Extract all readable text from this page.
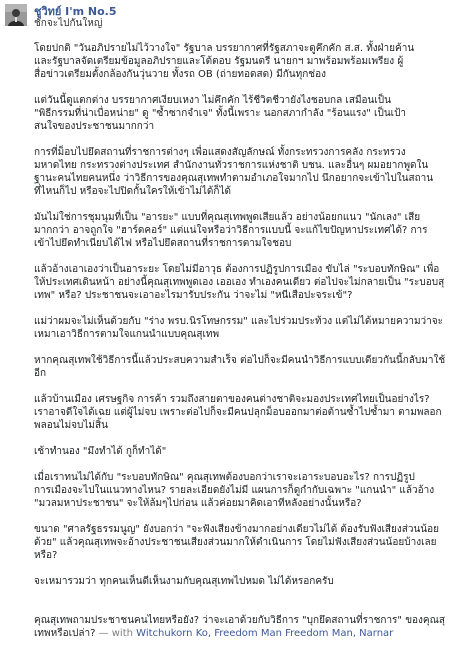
ชูวิทย์ I'm No.5
ชักจะไปกันใหญ่

โดยปกติ "วันอภิปรายไม่ไว้วางใจ" รัฐบาล บรรยากาศที่รัฐสภาจะดูคึกคัก ส.ส. ทั้งฝ่ายค้าน
และรัฐบาลจัดเตรียมข้อมูลอภิปรายและโต้ตอบ รัฐมนตรี นายกฯ มาพร้อมพร้อมเพรียง ผู้
สื่อข่าวเตรียมตั้งกล้องกันวุ่นวาย ทั้งรถ OB (ถ่ายทอดสด) มีกันทุกช่อง

แต่วันนี้ดูแตกต่าง บรรยากาศเงียบเหงา ไม่คึกคัก ไร้ชีวิตชีวายังไงชอบกล เสมือนเป็น
"พิธีกรรมที่น่าเบื่อหน่าย" ดู "ซ้ำซากจำเจ" ทั้งนี้เพราะ นอกสภากำลัง "ร้อนแรง" เป็นเป้า
สนใจของประชาชนมากกว่า

การที่ม็อบไปยึดสถานที่ราชการต่างๆ เพื่อแสดงสัญลักษณ์ ทั้งกระทรวงการคลัง กระทรวง
มหาดไทย กระทรวงต่างประเทศ สำนักงานทั่วราชการแห่งชาติ บชน. และอื่นๆ ผมอยากพูดในฐานะคนไทยคนหนึ่ง ว่าวิธีการของคุณสุเทพทำตามอำเภอใจมากไป นึกอยากจะเข้าไปในสถานที่ไหนก็ไป หรือจะไปปิดกั้นใครให้เข้าไม่ได้ก็ได้

มันไม่ใช่การชุมนุมที่เป็น "อารยะ" แบบที่คุณสุเทพพูดเสียแล้ว อย่างน้อยกแนว "นักเลง" เสียมากกว่า อาจถูกใจ "ฮาร์ดคอร์" แต่แน่ใจหรือว่าวิธีการแบบนี้ จะแก้ไขปัญหาประเทศได้? การเข้าไปยึดทำเนียบได้ไฟ หรือไปยึดสถานที่ราชการตามใจชอบ

แล้วอ้างเอาเองว่าเป็นอาระยะ โดยไม่มีอาวุธ ต้องการปฏิรูปการเมือง ขับไล่ "ระบอบทักษิณ" เพื่อให้ประเทศเดินหน้า อย่างนี้คุณสุเทพพูดเอง เออเอง ทำเองคนเดียว ต่อไปจะไม่กลายเป็น "ระบอบสุเทพ" หรือ? ประชาชนจะเอาอะไรมารับประกัน ว่าจะไม่ "หนีเสือปะจระเข้"?

แม่ว่าผมจะไม่เห็นด้วยกับ "ร่าง พรบ.นิรโทษกรรม" และไปร่วมประท้วง แต่ไม่ได้หมายความว่าจะเหมาเอาวิธีการตามใจแกนนำแบบคุณสุเทพ

หากคุณสุเทพใช้วิธีการนี้แล้วประสบความสำเร็จ ต่อไปก็จะมีคนนำวิธีการแบบเดียวกันนี้กลับมาใช้อีก

แล้วบ้านเมือง เศรษฐกิจ การค้า รวมถึงสายตาของคนต่างชาติจะมองประเทศไทยเป็นอย่างไร? เราอาจดีใจได้เฉย แต่ผู้ไม่จบ เพราะต่อไปก็จะมีคนปลุกม็อบออกมาต่อต้านซ้ำไปซ้ำมา ตามพลอกพลอนไม่จบไม่สิ้น

เช้าทำนอง "มึงทำได้ กูก็ทำได้"

เมื่อเราทนไม่ได้กับ "ระบอบทักษิณ" คุณสุเทพต้องบอกว่าเราจะเอาระบอบอะไร? การปฏิรูปการเมืองจะไปในแนวทางไหน? รายละเอียดยังไม่มี แผนการก็ดูกำกับเฉพาะ "แกนนำ" แล้วอ้าง "มวลมหาประชาชน" จะให้ล้มๆไปก่อน แล้วค่อยมาคิดเอาทีหลังอย่างนั้นหรือ?

ขนาด "ศาลรัฐธรรมนูญ" ยังบอกว่า "จะฟังเสียงข้างมากอย่างเดียวไม่ได้ ต้องรับฟังเสียงส่วนน้อยด้วย" แล้วคุณสุเทพจะอ้างประชาชนเสียงส่วนมากให้ดำเนินการ โดยไม่ฟังเสียงส่วนน้อยบ้างเลยหรือ?

จะเหมารวมว่า ทุกคนเห็นดีเห็นงามกับคุณสุเทพไปหมด ไม่ได้หรอกครับ

คุณสุเทพถามประชาชนคนไทยหรือยัง? ว่าจะเอาด้วยกับวิธีการ "บุกยึดสถานที่ราชการ" ของคุณสุเทพหรือเปล่า? — with Witchukorn Ko, Freedom Man Freedom Man, Narnar
